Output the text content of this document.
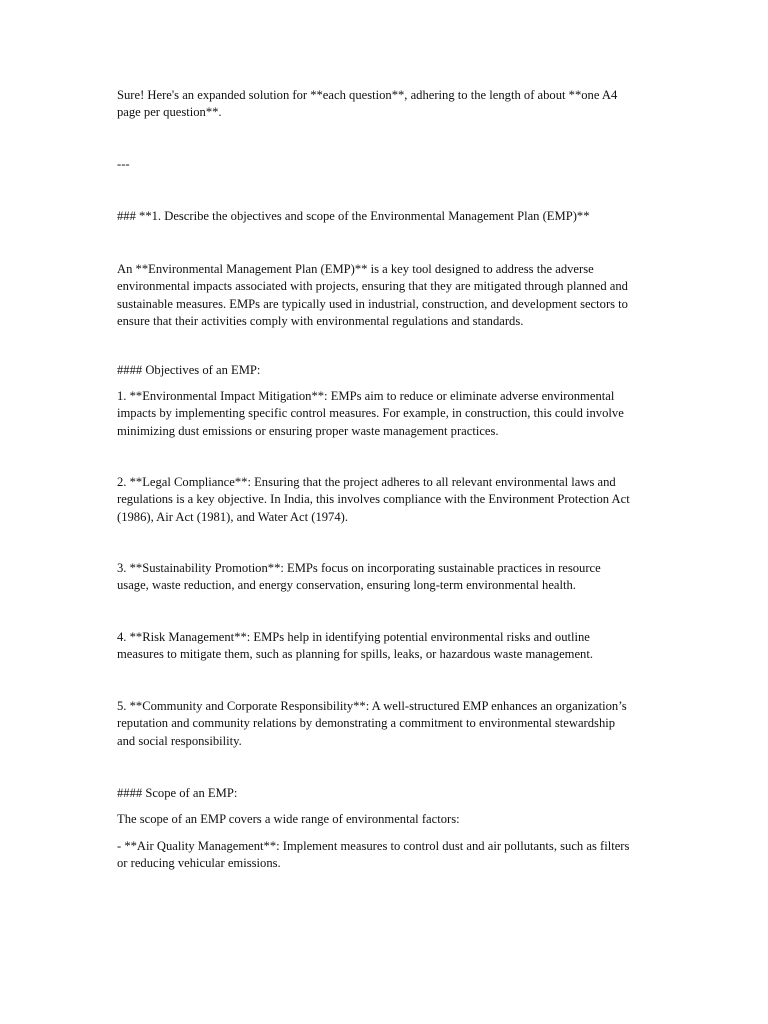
Sure! Here's an expanded solution for **each question**, adhering to the length of about **one A4
page per question**.

---

### **1. Describe the objectives and scope of the Environmental Management Plan (EMP)**

An **Environmental Management Plan (EMP)** is a key tool designed to address the adverse
environmental impacts associated with projects, ensuring that they are mitigated through planned and
sustainable measures. EMPs are typically used in industrial, construction, and development sectors to
ensure that their activities comply with environmental regulations and standards.

#### Objectives of an EMP:

1. **Environmental Impact Mitigation**: EMPs aim to reduce or eliminate adverse environmental
impacts by implementing specific control measures. For example, in construction, this could involve
minimizing dust emissions or ensuring proper waste management practices.

2. **Legal Compliance**: Ensuring that the project adheres to all relevant environmental laws and
regulations is a key objective. In India, this involves compliance with the Environment Protection Act
(1986), Air Act (1981), and Water Act (1974).

3. **Sustainability Promotion**: EMPs focus on incorporating sustainable practices in resource
usage, waste reduction, and energy conservation, ensuring long-term environmental health.

4. **Risk Management**: EMPs help in identifying potential environmental risks and outline
measures to mitigate them, such as planning for spills, leaks, or hazardous waste management.

5. **Community and Corporate Responsibility**: A well-structured EMP enhances an organization’s
reputation and community relations by demonstrating a commitment to environmental stewardship
and social responsibility.

#### Scope of an EMP:

The scope of an EMP covers a wide range of environmental factors:

- **Air Quality Management**: Implement measures to control dust and air pollutants, such as filters
or reducing vehicular emissions.
